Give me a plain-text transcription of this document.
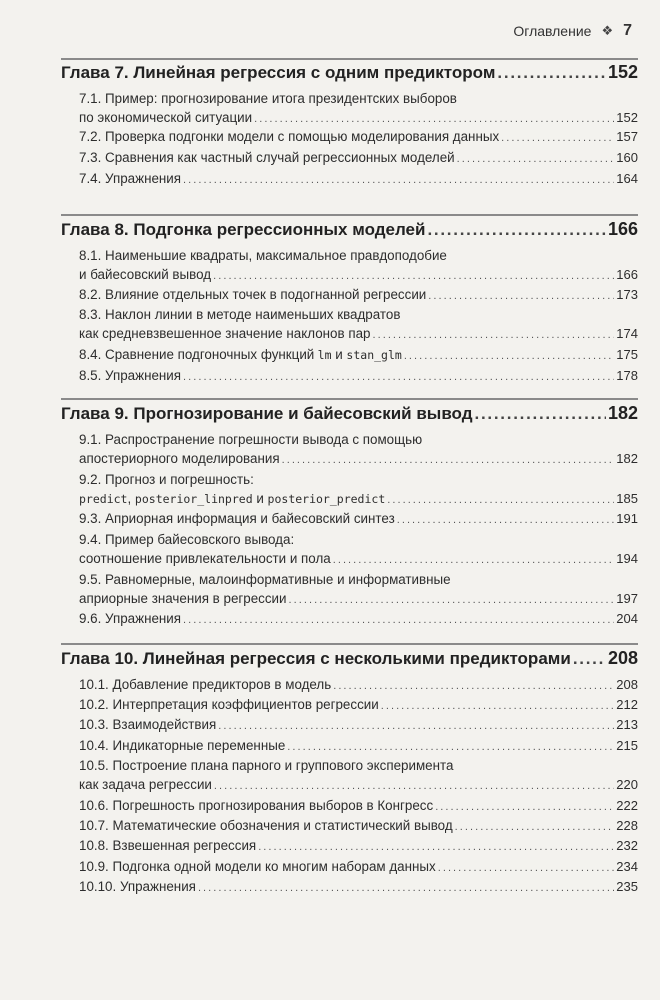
Оглавление ❖ 7
Глава 7. Линейная регрессия с одним предиктором . . .	152
7.1. Пример: прогнозирование итога президентских выборов
по экономической ситуации . . .	152
7.2. Проверка подгонки модели с помощью моделирования данных . . .	157
7.3. Сравнения как частный случай регрессионных моделей . . .	160
7.4. Упражнения . . .	164
Глава 8. Подгонка регрессионных моделей . . .	166
8.1. Наименьшие квадраты, максимальное правдоподобие
и байесовский вывод . . .	166
8.2. Влияние отдельных точек в подогнанной регрессии . . .	173
8.3. Наклон линии в методе наименьших квадратов
как средневзвешенное значение наклонов пар . . .	174
8.4. Сравнение подгоночных функций
  lm и stan_glm . . .	175
8.5. Упражнения . . .	178
Глава 9. Прогнозирование и байесовский вывод . . .	182
9.1. Распространение погрешности вывода с помощью
апостериорного моделирования . . .	182
9.2. Прогноз и погрешность:
predict , posterior_linpred и posterior_predict . . .	185
9.3. Априорная информация и байесовский синтез . . .	191
9.4. Пример байесовского вывода:
соотношение привлекательности и пола . . .	194
9.5. Равномерные, малоинформативные и информативные
априорные значения в регрессии . . .	197
9.6. Упражнения . . .	204
Глава 10. Линейная регрессия с несколькими предикторами . . . 208
10.1. Добавление предикторов в модель . . .	208
10.2. Интерпретация коэффициентов регрессии . . .	212
10.3. Взаимодействия . . .	213
10.4. Индикаторные переменные . . .	215
10.5. Построение плана парного и группового эксперимента
как задача регрессии . . .	220
10.6. Погрешность прогнозирования выборов в Конгресс . . .	222
10.7. Математические обозначения и статистический вывод . . .	228
10.8. Взвешенная регрессия . . .	232
10.9. Подгонка одной модели ко многим наборам данных . . .	234
10.10. Упражнения . . .	235
